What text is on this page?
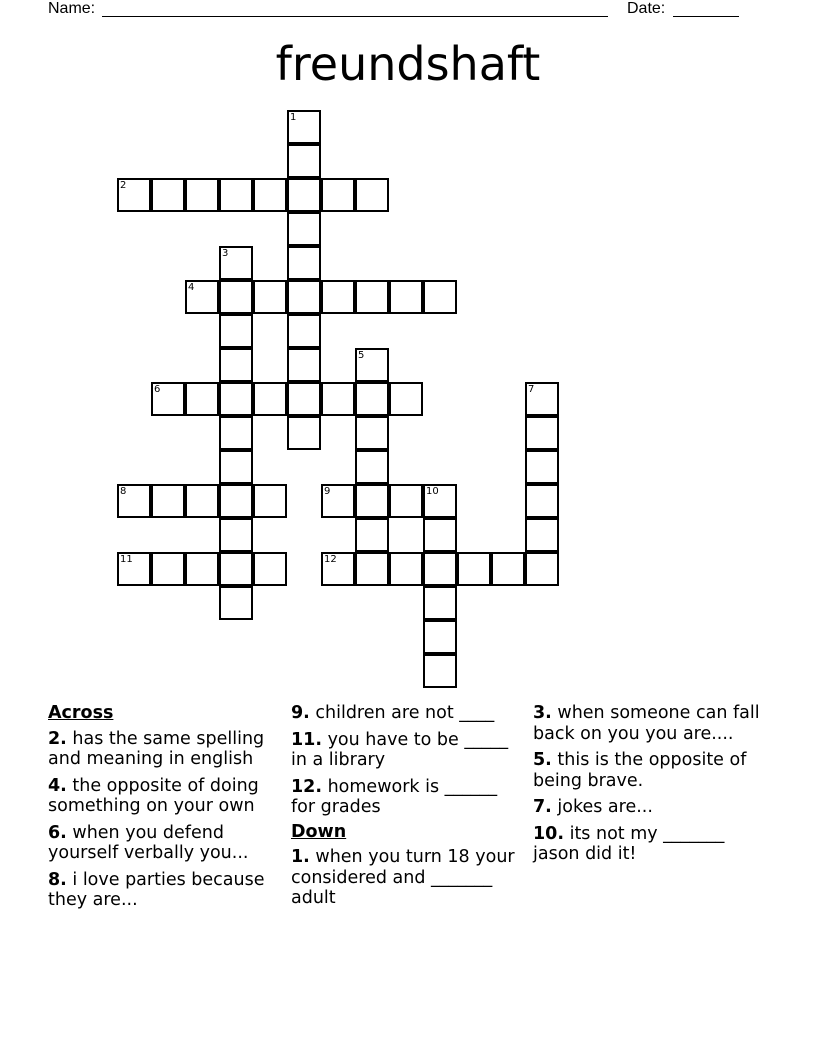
Name:	Date:
freundshaft
1
2
3
4
5
6	7
8	9	10
11	12
Across
2. has the same spelling and meaning in english
4. the opposite of doing something on your own
6. when you defend yourself verbally you...
8. i love parties because they are...
9. children are not ____
11. you have to be _____ in a library
12. homework is ______ for grades
Down
1. when you turn 18 your considered and _______ adult
3. when someone can fall back on you you are....
5. this is the opposite of being brave.
7. jokes are...
10. its not my _______ jason did it!
